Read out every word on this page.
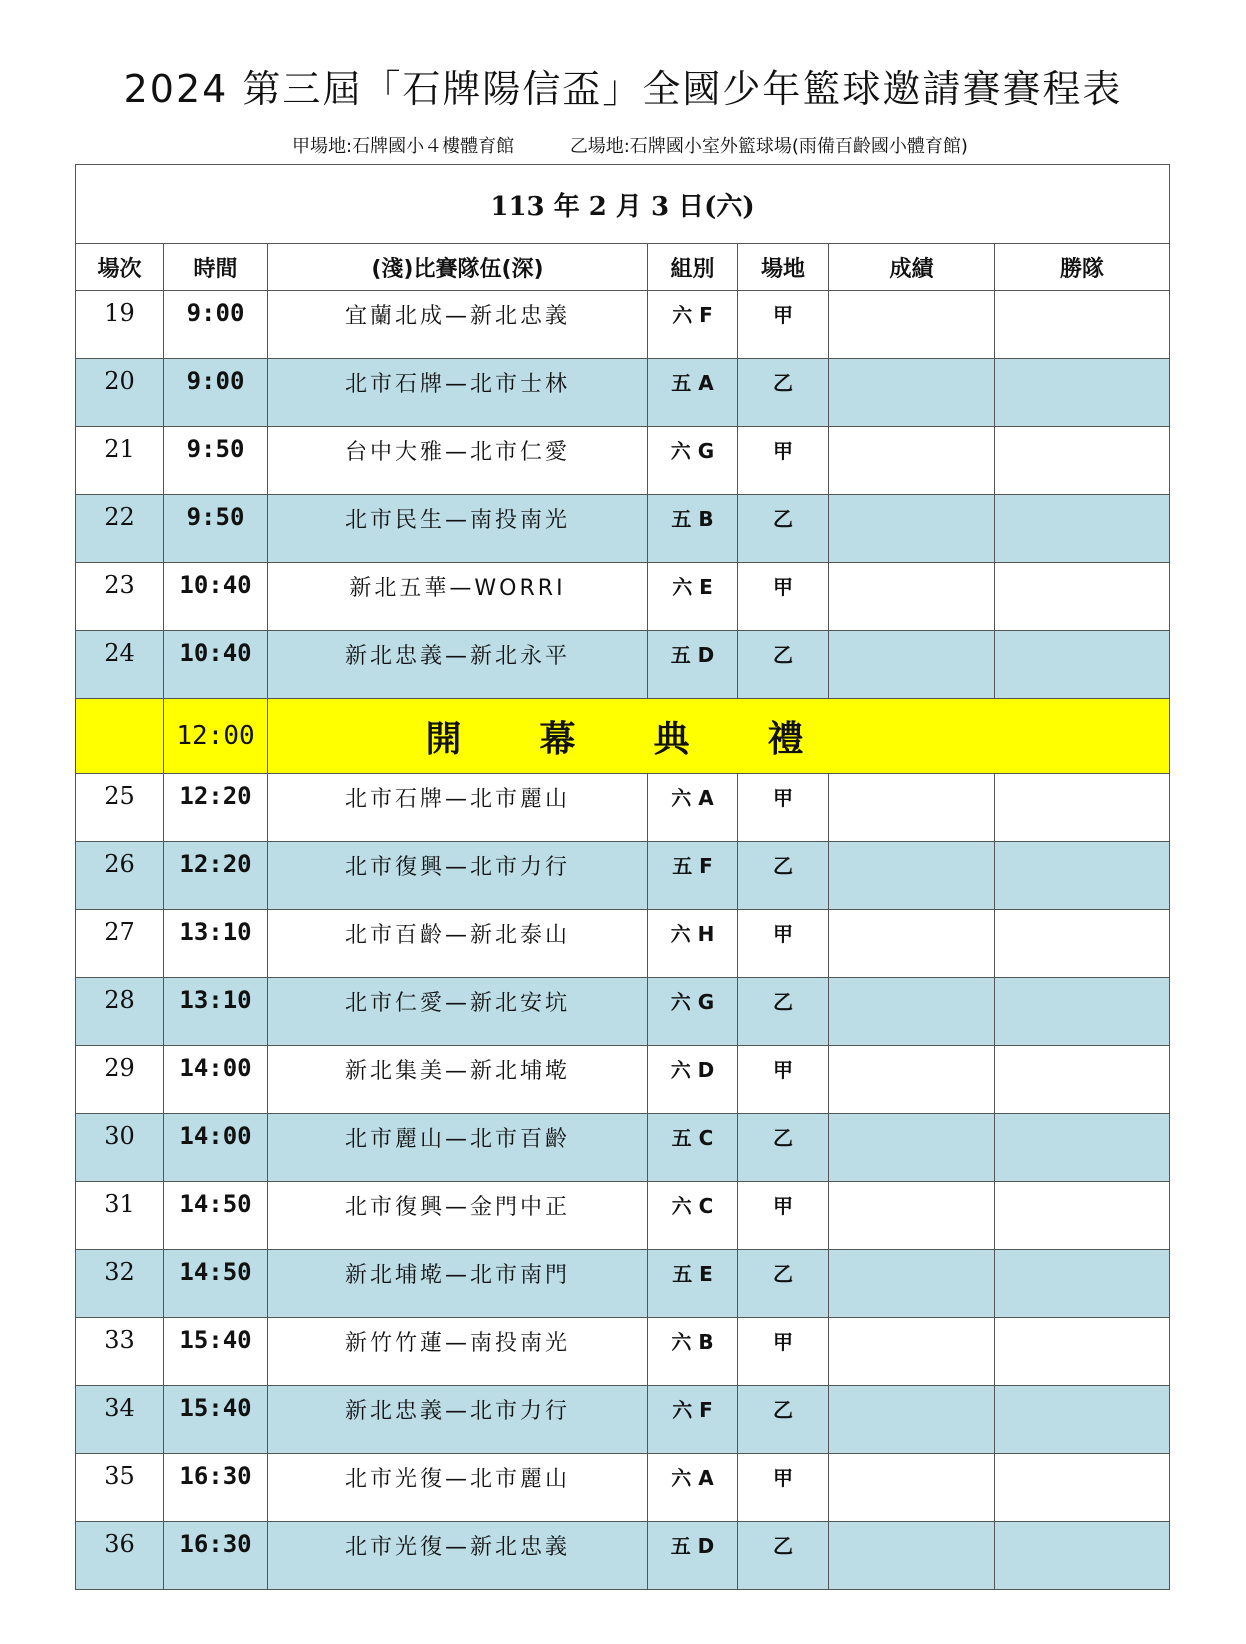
2024 第三屆「石牌陽信盃」全國少年籃球邀請賽賽程表
甲場地:石牌國小４樓體育館	乙場地:石牌國小室外籃球場(雨備百齡國小體育館)
113 年 2 月 3 日(六)						
場次	時間	(淺)比賽隊伍(深)	組別	場地	成績	勝隊

19	9:00	宜蘭北成—新北忠義	六 F	甲		

20	9:00	北市石牌—北市士林	五 A	乙		

21	9:50	台中大雅—北市仁愛	六 G	甲		

22	9:50	北市民生—南投南光	五 B	乙		

23	10:40	新北五華—WORRI	六 E	甲		

24	10:40	新北忠義—新北永平	五 D	乙		

	12:00	開幕典禮				

25	12:20	北市石牌—北市麗山	六 A	甲		

26	12:20	北市復興—北市力行	五 F	乙		

27	13:10	北市百齡—新北泰山	六 H	甲		

28	13:10	北市仁愛—新北安坑	六 G	乙		

29	14:00	新北集美—新北埔墘	六 D	甲		

30	14:00	北市麗山—北市百齡	五 C	乙		

31	14:50	北市復興—金門中正	六 C	甲		

32	14:50	新北埔墘—北市南門	五 E	乙		

33	15:40	新竹竹蓮—南投南光	六 B	甲		

34	15:40	新北忠義—北市力行	六 F	乙		

35	16:30	北市光復—北市麗山	六 A	甲		

36	16:30	北市光復—新北忠義	五 D	乙		
